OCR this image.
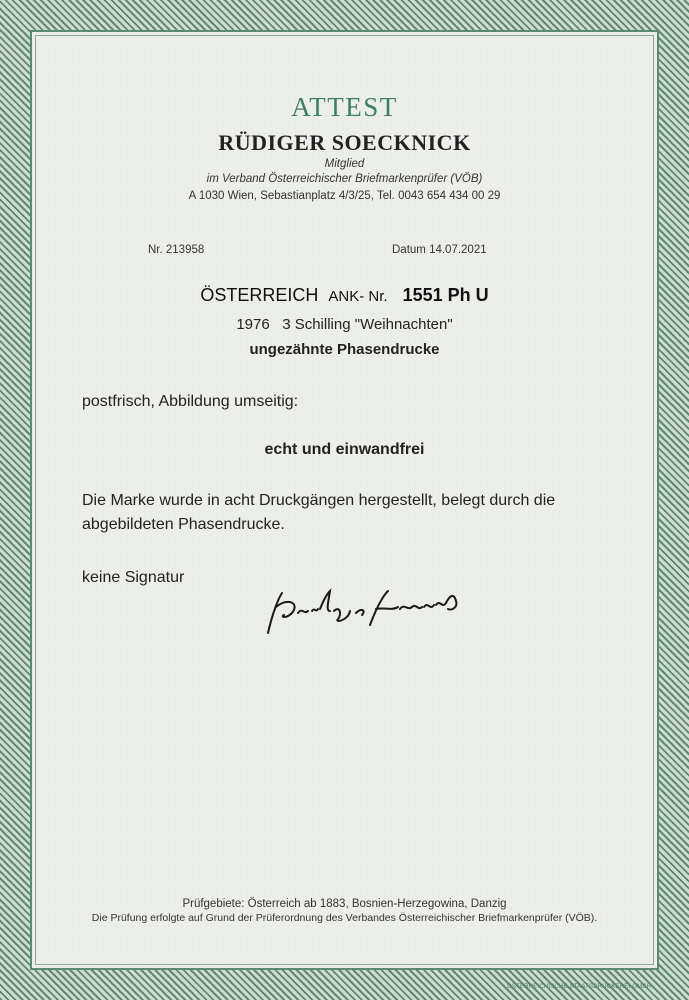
ATTEST
RÜDIGER SOECKNICK
Mitglied
im Verband Österreichischer Briefmarkenprüfer (VÖB)
A 1030 Wien, Sebastianplatz 4/3/25, Tel. 0043 654 434 00 29
Nr. 213958	Datum 14.07.2021
ÖSTERREICH ANK- Nr. 1551 Ph U
1976   3 Schilling "Weihnachten"
ungezähnte Phasendrucke
postfrisch, Abbildung umseitig:
echt und einwandfrei
Die Marke wurde in acht Druckgängen hergestellt, belegt durch die abgebildeten Phasendrucke.
keine Signatur
Prüfgebiete: Österreich ab 1883, Bosnien-Herzegowina, Danzig
Die Prüfung erfolgte auf Grund der Prüferordnung des Verbandes Österreichischer Briefmarkenprüfer (VÖB).
ÖSTERREICHISCHE STAATSDRUCKEREI GMBH
